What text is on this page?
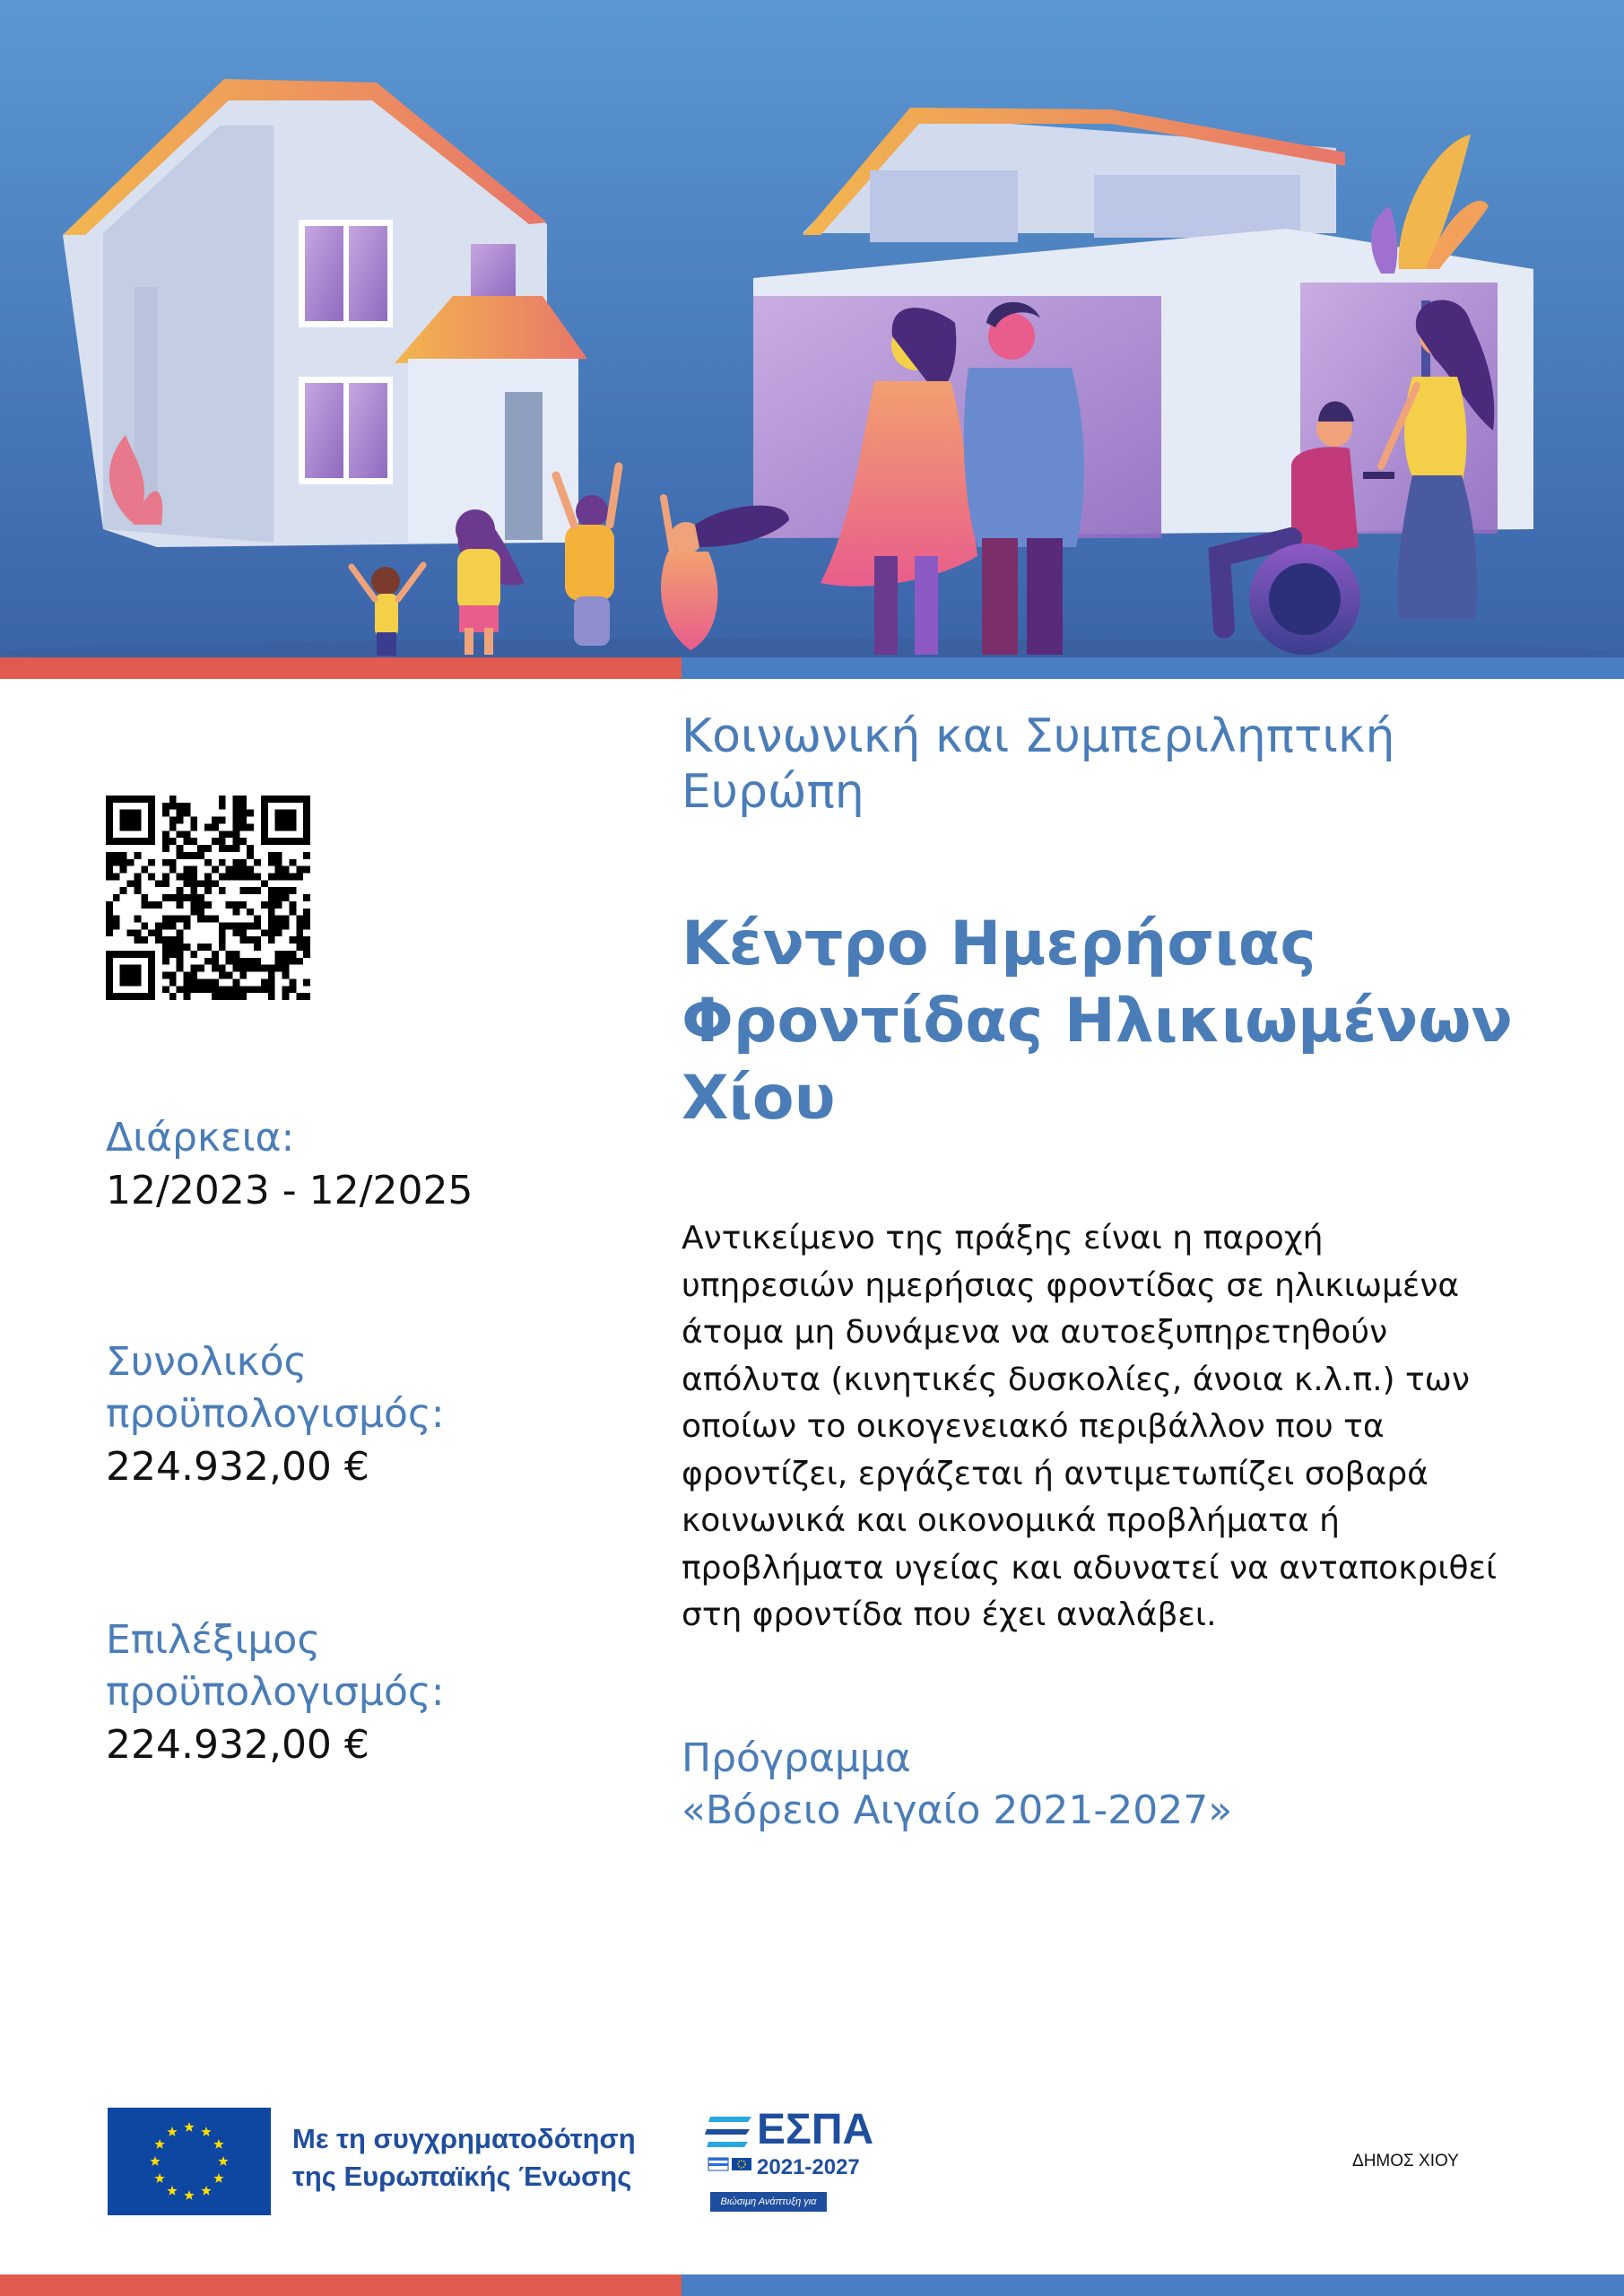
Διάρκεια:
12/2023 - 12/2025
Συνολικός
προϋπολογισμός:
224.932,00 €
Επιλέξιμος
προϋπολογισμός:
224.932,00 €
Κοινωνική και Συμπεριληπτική
Ευρώπη
Κέντρο Ημερήσιας
Φροντίδας Ηλικιωμένων
Χίου
Αντικείμενο της πράξης είναι η παροχή
υπηρεσιών ημερήσιας φροντίδας σε ηλικιωμένα
άτομα μη δυνάμενα να αυτοεξυπηρετηθούν
απόλυτα (κινητικές δυσκολίες, άνοια κ.λ.π.) των
οποίων το οικογενειακό περιβάλλον που τα
φροντίζει, εργάζεται ή αντιμετωπίζει σοβαρά
κοινωνικά και οικονομικά προβλήματα ή
προβλήματα υγείας και αδυνατεί να ανταποκριθεί
στη φροντίδα που έχει αναλάβει.
Πρόγραμμα
«Βόρειο Αιγαίο 2021-2027»
Με τη συγχρηματοδότηση
της Ευρωπαϊκής Ένωσης
ΕΣΠΑ
2021-2027
Βιώσιμη Ανάπτυξη για Όλους
ΔΗΜΟΣ ΧΙΟΥ
